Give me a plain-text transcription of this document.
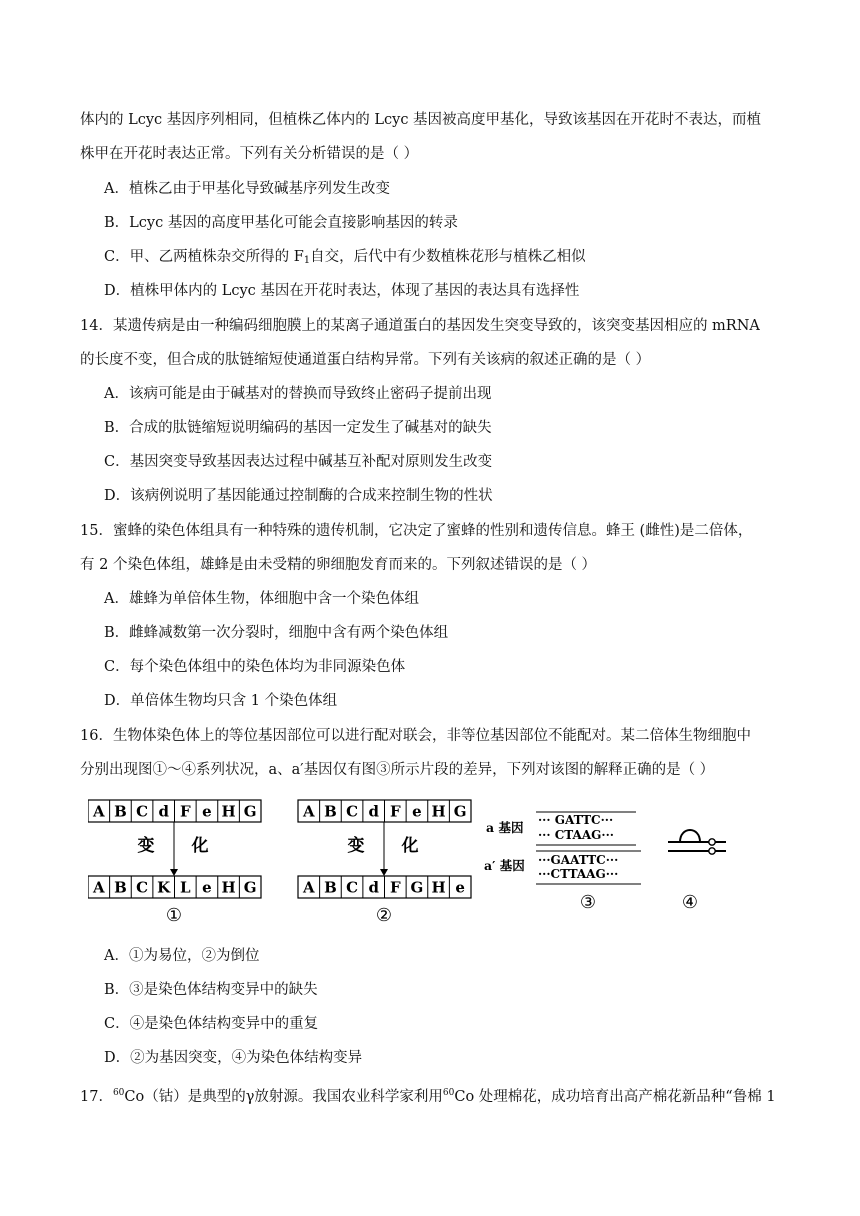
体内的 Lcyc 基因序列相同，但植株乙体内的 Lcyc 基因被高度甲基化，导致该基因在开花时不表达，而植
株甲在开花时表达正常。下列有关分析错误的是（ ）
A．植株乙由于甲基化导致碱基序列发生改变
B．Lcyc 基因的高度甲基化可能会直接影响基因的转录
C．甲、乙两植株杂交所得的 $F_1$自交，后代中有少数植株花形与植株乙相似
D．植株甲体内的 Lcyc 基因在开花时表达，体现了基因的表达具有选择性
14．某遗传病是由一种编码细胞膜上的某离子通道蛋白的基因发生突变导致的，该突变基因相应的 mRNA
的长度不变，但合成的肽链缩短使通道蛋白结构异常。下列有关该病的叙述正确的是（ ）
A．该病可能是由于碱基对的替换而导致终止密码子提前出现
B．合成的肽链缩短说明编码的基因一定发生了碱基对的缺失
C．基因突变导致基因表达过程中碱基互补配对原则发生改变
D．该病例说明了基因能通过控制酶的合成来控制生物的性状
15．蜜蜂的染色体组具有一种特殊的遗传机制，它决定了蜜蜂的性别和遗传信息。蜂王 (雌性)是二倍体，
有 2 个染色体组，雄蜂是由未受精的卵细胞发育而来的。下列叙述错误的是（ ）
A．雄蜂为单倍体生物，体细胞中含一个染色体组
B．雌蜂减数第一次分裂时，细胞中含有两个染色体组
C．每个染色体组中的染色体均为非同源染色体
D．单倍体生物均只含 1 个染色体组
16．生物体染色体上的等位基因部位可以进行配对联会，非等位基因部位不能配对。某二倍体生物细胞中
分别出现图①～④系列状况，a、a′基因仅有图③所示片段的差异，下列对该图的解释正确的是（ ）
A B C d F e H G
变 化
A B C K L e H G
①
A B C d F e H G
变 化
A B C d F G H e
②
a 基因 ··· GATTC···
··· CTAAG···
a′ 基因 ···GAATTC···
···CTTAAG···
③	④
A．①为易位，②为倒位
B．③是染色体结构变异中的缺失
C．④是染色体结构变异中的重复
D．②为基因突变，④为染色体结构变异
17．$^{60}$Co（钴）是典型的γ放射源。我国农业科学家利用$^{60}$Co 处理棉花，成功培育出高产棉花新品种“鲁棉 1
